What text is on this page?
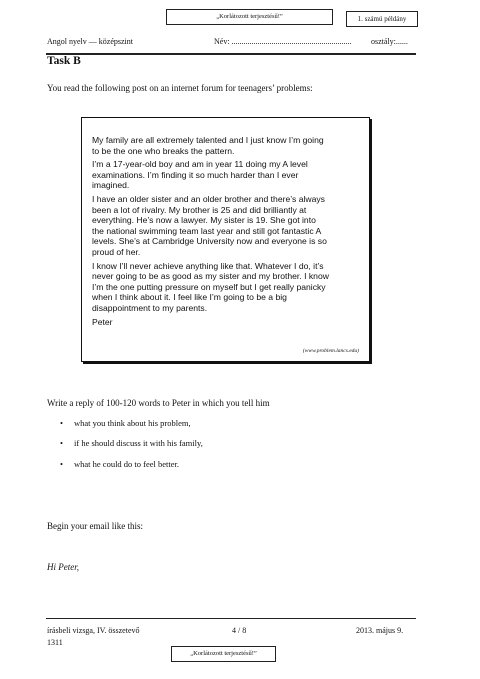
„Korlátozott terjesztésű!”	1. számú példány
Angol nyelv — középszint	Név: ............................................................ osztály:......
Task B
You read the following post on an internet forum for teenagers’ problems:

My family are all extremely talented and I just know I’m going
to be the one who breaks the pattern.

I’m a 17-year-old boy and am in year 11 doing my A level
examinations. I’m finding it so much harder than I ever
imagined.

I have an older sister and an older brother and there’s always
been a lot of rivalry. My brother is 25 and did brilliantly at
everything. He’s now a lawyer. My sister is 19. She got into
the national swimming team last year and still got fantastic A
levels. She’s at Cambridge University now and everyone is so
proud of her.

I know I’ll never achieve anything like that. Whatever I do, it’s
never going to be as good as my sister and my brother. I know
I’m the one putting pressure on myself but I get really panicky
when I think about it. I feel like I’m going to be a big
disappointment to my parents.

Peter

(www.problem.lancs.edu)
Write a reply of 100-120 words to Peter in which you tell him
• what you think about his problem,
• if he should discuss it with his family,
• what he could do to feel better.
Begin your email like this:
Hi Peter,
írásbeli vizsga, IV. összetevő
1311
4 / 8	2013. május 9.
„Korlátozott terjesztésű!”
